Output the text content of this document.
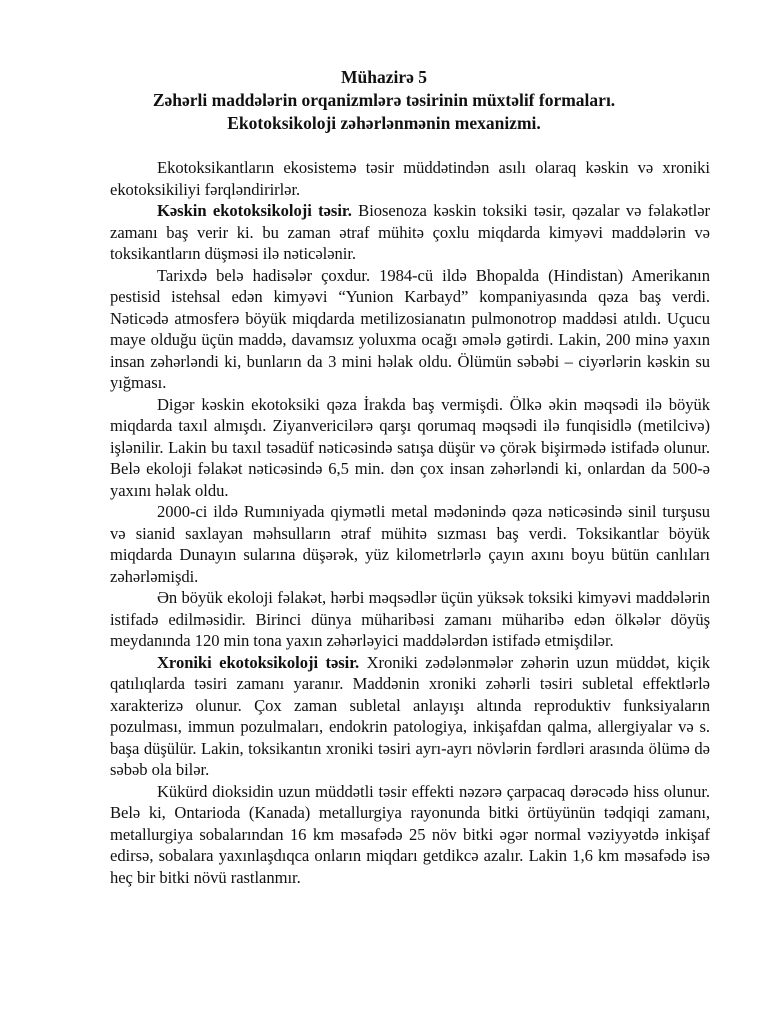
Mühazirə 5
Zəhərli maddələrin orqanizmlərə təsirinin müxtəlif formaları.
Ekotoksikoloji zəhərlənmənin mexanizmi.

Ekotoksikantların ekosistemə təsir müddətindən asılı olaraq kəskin və xroniki ekotoksikiliyi fərqləndirirlər.

Kəskin ekotoksikoloji təsir. Biosenoza kəskin toksiki təsir, qəzalar və fəlakətlər zamanı baş verir ki. bu zaman ətraf mühitə çoxlu miqdarda kimyəvi maddələrin və toksikantların düşməsi ilə nəticələnir.

Tarixdə belə hadisələr çoxdur. 1984-cü ildə Bhopalda (Hindistan) Amerikanın pestisid istehsal edən kimyəvi “Yunion Karbayd” kompaniyasında qəza baş verdi. Nəticədə atmosferə böyük miqdarda metilizosianatın pulmonotrop maddəsi atıldı. Uçucu maye olduğu üçün maddə, davamsız yoluxma ocağı əmələ gətirdi. Lakin, 200 minə yaxın insan zəhərləndi ki, bunların da 3 mini həlak oldu. Ölümün səbəbi – ciyərlərin kəskin su yığması.

Digər kəskin ekotoksiki qəza İrakda baş vermişdi. Ölkə əkin məqsədi ilə böyük miqdarda taxıl almışdı. Ziyanvericilərə qarşı qorumaq məqsədi ilə funqisidlə (metilcivə) işlənilir. Lakin bu taxıl təsadüf nəticəsində satışa düşür və çörək bişirmədə istifadə olunur. Belə ekoloji fəlakət nəticəsində 6,5 min. dən çox insan zəhərləndi ki, onlardan da 500-ə yaxını həlak oldu.

2000-ci ildə Rumıniyada qiymətli metal mədənində qəza nəticəsində sinil turşusu və sianid saxlayan məhsulların ətraf mühitə sızması baş verdi. Toksikantlar böyük miqdarda Dunayın sularına düşərək, yüz kilometrlərlə çayın axını boyu bütün canlıları zəhərləmişdi.

Ən böyük ekoloji fəlakət, hərbi məqsədlər üçün yüksək toksiki kimyəvi maddələrin istifadə edilməsidir. Birinci dünya müharibəsi zamanı müharibə edən ölkələr döyüş meydanında 120 min tona yaxın zəhərləyici maddələrdən istifadə etmişdilər.

Xroniki ekotoksikoloji təsir. Xroniki zədələnmələr zəhərin uzun müddət, kiçik qatılıqlarda təsiri zamanı yaranır. Maddənin xroniki zəhərli təsiri subletal effektlərlə xarakterizə olunur. Çox zaman subletal anlayışı altında reproduktiv funksiyaların pozulması, immun pozulmaları, endokrin patologiya, inkişafdan qalma, allergiyalar və s. başa düşülür. Lakin, toksikantın xroniki təsiri ayrı-ayrı növlərin fərdləri arasında ölümə də səbəb ola bilər.

Kükürd dioksidin uzun müddətli təsir effekti nəzərə çarpacaq dərəcədə hiss olunur. Belə ki, Ontarioda (Kanada) metallurgiya rayonunda bitki örtüyünün tədqiqi zamanı, metallurgiya sobalarından 16 km məsafədə 25 növ bitki əgər normal vəziyyətdə inkişaf edirsə, sobalara yaxınlaşdıqca onların miqdarı getdikcə azalır. Lakin 1,6 km məsafədə isə heç bir bitki növü rastlanmır.
